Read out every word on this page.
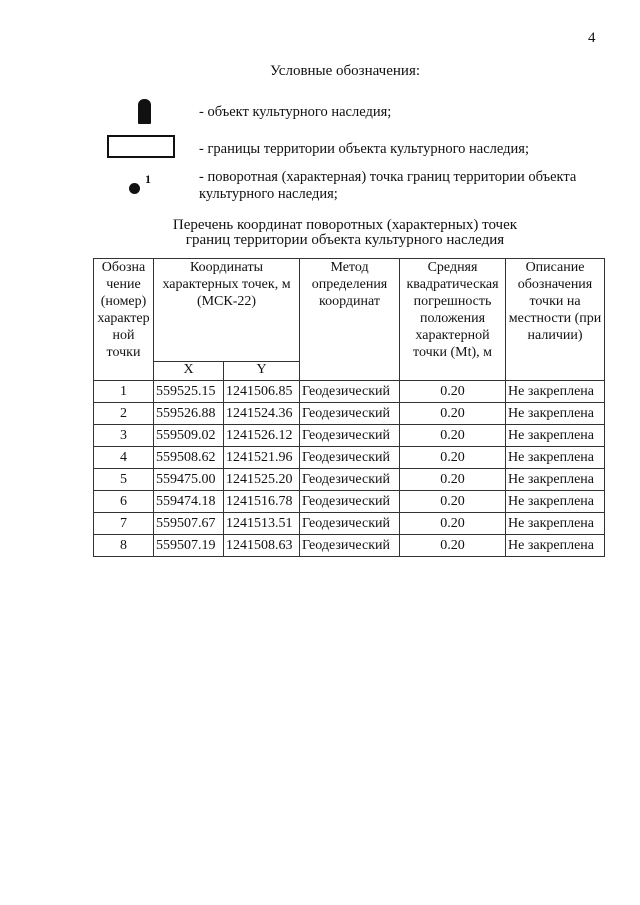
4
Условные обозначения:
- объект культурного наследия;
- границы территории объекта культурного наследия;
1	- поворотная (характерная) точка границ территории объекта
культурного наследия;
Перечень координат поворотных (характерных) точек
границ территории объекта культурного наследия
Обозна чение (номер) характер ной точки	Координаты характерных точек, м (МСК-22)		Метод определения координат	Средняя квадратическая погрешность положения характерной точки (Mt), м	Описание обозначения точки на местности (при наличии)
	X	Y			
1	559525.15	1241506.85	Геодезический	0.20	Не закреплена
2	559526.88	1241524.36	Геодезический	0.20	Не закреплена
3	559509.02	1241526.12	Геодезический	0.20	Не закреплена
4	559508.62	1241521.96	Геодезический	0.20	Не закреплена
5	559475.00	1241525.20	Геодезический	0.20	Не закреплена
6	559474.18	1241516.78	Геодезический	0.20	Не закреплена
7	559507.67	1241513.51	Геодезический	0.20	Не закреплена
8	559507.19	1241508.63	Геодезический	0.20	Не закреплена
